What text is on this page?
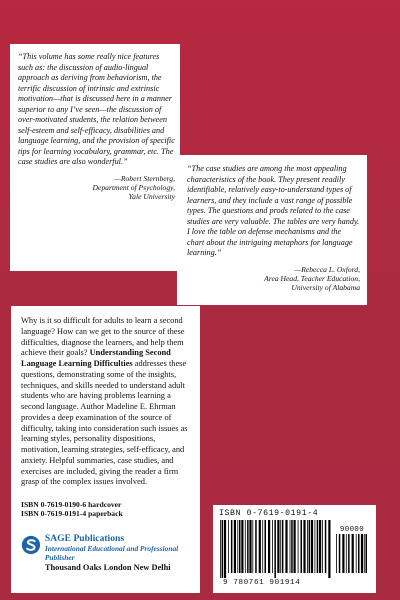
“This volume has some really nice features such as: the discussion of audio-lingual approach as deriving from behaviorism, the terrific discussion of intrinsic and extrinsic motivation—that is discussed here in a manner superior to any I’ve seen—the discussion of over-motivated students, the relation between self-esteem and self-efficacy, disabilities and language learning, and the provision of specific tips for learning vocabulary, grammar, etc. The case studies are also wonderful.”

—Robert Sternberg,
Department of Psychology,
Yale University

“The case studies are among the most appealing characteristics of the book. They present readily identifiable, relatively easy-to-understand types of learners, and they include a vast range of possible types. The questions and prods related to the case studies are very valuable. The tables are very handy. I love the table on defense mechanisms and the chart about the intriguing metaphors for language learning.”

—Rebecca L. Oxford,
Area Head, Teacher Education,
University of Alabama

Why is it so difficult for adults to learn a second language? How can we get to the source of these difficulties, diagnose the learners, and help them achieve their goals? Understanding Second Language Learning Difficulties addresses these questions, demonstrating some of the insights, techniques, and skills needed to understand adult students who are having problems learning a second language. Author Madeline E. Ehrman provides a deep examination of the source of difficulty, taking into consideration such issues as learning styles, personality dispositions, motivation, learning strategies, self-efficacy, and anxiety. Helpful summaries, case studies, and exercises are included, giving the reader a firm grasp of the complex issues involved.

ISBN 0-7619-0190-6 hardcover
ISBN 0-7619-0191-4 paperback
SAGE Publications
International Educational and Professional Publisher
Thousand Oaks London New Delhi

ISBN 0-7619-0191-4

90000

9 780761 901914
